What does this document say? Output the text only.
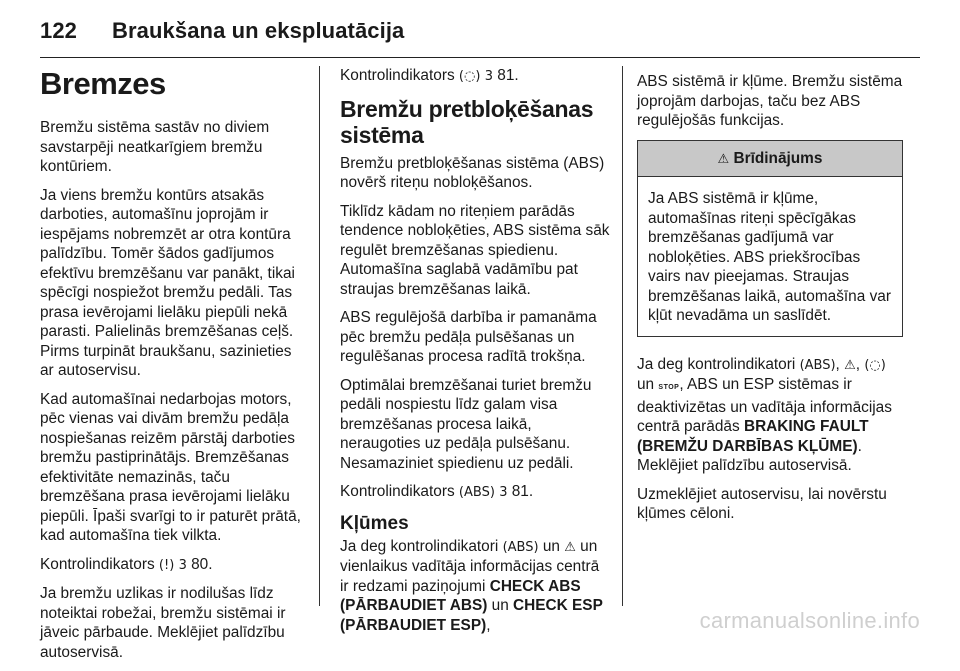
122 Braukšana un ekspluatācija
Bremzes

Bremžu sistēma sastāv no diviem savstarpēji neatkarīgiem bremžu kontūriem.

Ja viens bremžu kontūrs atsakās darboties, automašīnu joprojām ir iespējams nobremzēt ar otra kontūra palīdzību. Tomēr šādos gadījumos efektīvu bremzēšanu var panākt, tikai spēcīgi nospiežot bremžu pedāli. Tas prasa ievērojami lielāku piepūli nekā parasti. Palielinās bremzēšanas ceļš. Pirms turpināt braukšanu, sazinieties ar autoservisu.

Kad automašīnai nedarbojas motors, pēc vienas vai divām bremžu pedāļa nospiešanas reizēm pārstāj darboties bremžu pastiprinātājs. Bremzēšanas efektivitāte nemazinās, taču bremzēšana prasa ievērojami lielāku piepūli. Īpaši svarīgi to ir paturēt prātā, kad automašīna tiek vilkta.

Kontrolindikators (!) 3 80.

Ja bremžu uzlikas ir nodilušas līdz noteiktai robežai, bremžu sistēmai ir jāveic pārbaude. Meklējiet palīdzību autoservisā.

Kontrolindikators (◌) 3 81.

Bremžu pretbloķēšanas sistēma

Bremžu pretbloķēšanas sistēma (ABS) novērš riteņu nobloķēšanos.

Tiklīdz kādam no riteņiem parādās tendence nobloķēties, ABS sistēma sāk regulēt bremzēšanas spiedienu. Automašīna saglabā vadāmību pat straujas bremzēšanas laikā.

ABS regulējošā darbība ir pamanāma pēc bremžu pedāļa pulsēšanas un regulēšanas procesa radītā trokšņa.

Optimālai bremzēšanai turiet bremžu pedāli nospiestu līdz galam visa bremzēšanas procesa laikā, neraugoties uz pedāļa pulsēšanu. Nesamaziniet spiedienu uz pedāli.

Kontrolindikators (ABS) 3 81.

Kļūmes

Ja deg kontrolindikatori (ABS) un ⚠ un vienlaikus vadītāja informācijas centrā ir redzami paziņojumi CHECK ABS (PĀRBAUDIET ABS) un CHECK ESP (PĀRBAUDIET ESP),

ABS sistēmā ir kļūme. Bremžu sistēma joprojām darbojas, taču bez ABS regulējošās funkcijas.

⚠ Brīdinājums
Ja ABS sistēmā ir kļūme, automašīnas riteņi spēcīgākas bremzēšanas gadījumā var nobloķēties. ABS priekšrocības vairs nav pieejamas. Straujas bremzēšanas laikā, automašīna var kļūt nevadāma un saslīdēt.

Ja deg kontrolindikatori (ABS), ⚠, (◌) un STOP, ABS un ESP sistēmas ir deaktivizētas un vadītāja informācijas centrā parādās BRAKING FAULT (BREMŽU DARBĪBAS KĻŪME). Meklējiet palīdzību autoservisā.

Uzmeklējiet autoservisu, lai novērstu kļūmes cēloni.

carmanualsonline.info
